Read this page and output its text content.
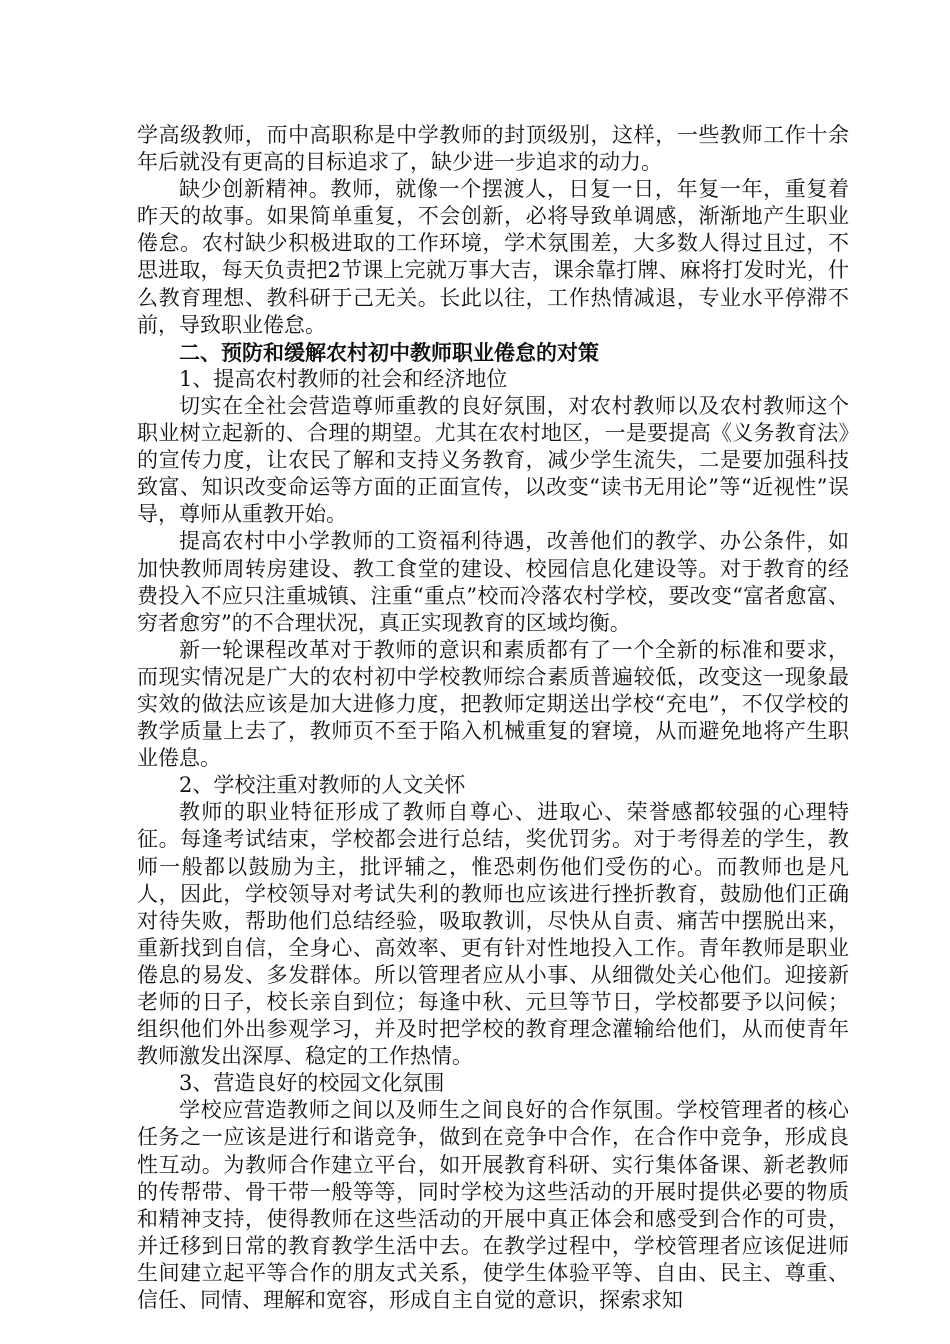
学高级教师，而中高职称是中学教师的封顶级别，这样，一些教师工作十余年后就没有更高的目标追求了，缺少进一步追求的动力。

缺少创新精神。教师，就像一个摆渡人，日复一日，年复一年，重复着昨天的故事。如果简单重复，不会创新，必将导致单调感，渐渐地产生职业倦怠。农村缺少积极进取的工作环境，学术氛围差，大多数人得过且过，不思进取，每天负责把2节课上完就万事大吉，课余靠打牌、麻将打发时光，什么教育理想、教科研于己无关。长此以往，工作热情减退，专业水平停滞不前，导致职业倦怠。

二、预防和缓解农村初中教师职业倦怠的对策

1、提高农村教师的社会和经济地位

切实在全社会营造尊师重教的良好氛围，对农村教师以及农村教师这个职业树立起新的、合理的期望。尤其在农村地区，一是要提高《义务教育法》的宣传力度，让农民了解和支持义务教育，减少学生流失，二是要加强科技致富、知识改变命运等方面的正面宣传，以改变“读书无用论”等“近视性”误导，尊师从重教开始。

提高农村中小学教师的工资福利待遇，改善他们的教学、办公条件，如加快教师周转房建设、教工食堂的建设、校园信息化建设等。对于教育的经费投入不应只注重城镇、注重“重点”校而冷落农村学校，要改变“富者愈富、穷者愈穷”的不合理状况，真正实现教育的区域均衡。

新一轮课程改革对于教师的意识和素质都有了一个全新的标准和要求，而现实情况是广大的农村初中学校教师综合素质普遍较低，改变这一现象最实效的做法应该是加大进修力度，把教师定期送出学校“充电”，不仅学校的教学质量上去了，教师页不至于陷入机械重复的窘境，从而避免地将产生职业倦息。

2、学校注重对教师的人文关怀

教师的职业特征形成了教师自尊心、进取心、荣誉感都较强的心理特征。每逢考试结束，学校都会进行总结，奖优罚劣。对于考得差的学生，教师一般都以鼓励为主，批评辅之，惟恐刺伤他们受伤的心。而教师也是凡人，因此，学校领导对考试失利的教师也应该进行挫折教育，鼓励他们正确对待失败，帮助他们总结经验，吸取教训，尽快从自责、痛苦中摆脱出来，重新找到自信，全身心、高效率、更有针对性地投入工作。青年教师是职业倦息的易发、多发群体。所以管理者应从小事、从细微处关心他们。迎接新老师的日子，校长亲自到位；每逢中秋、元旦等节日，学校都要予以问候；组织他们外出参观学习，并及时把学校的教育理念灌输给他们，从而使青年教师激发出深厚、稳定的工作热情。

3、营造良好的校园文化氛围

学校应营造教师之间以及师生之间良好的合作氛围。学校管理者的核心任务之一应该是进行和谐竞争，做到在竞争中合作，在合作中竞争，形成良性互动。为教师合作建立平台，如开展教育科研、实行集体备课、新老教师的传帮带、骨干带一般等等，同时学校为这些活动的开展时提供必要的物质和精神支持，使得教师在这些活动的开展中真正体会和感受到合作的可贵，并迁移到日常的教育教学生活中去。在教学过程中，学校管理者应该促进师生间建立起平等合作的朋友式关系，使学生体验平等、自由、民主、尊重、信任、同情、理解和宽容，形成自主自觉的意识，探索求知
